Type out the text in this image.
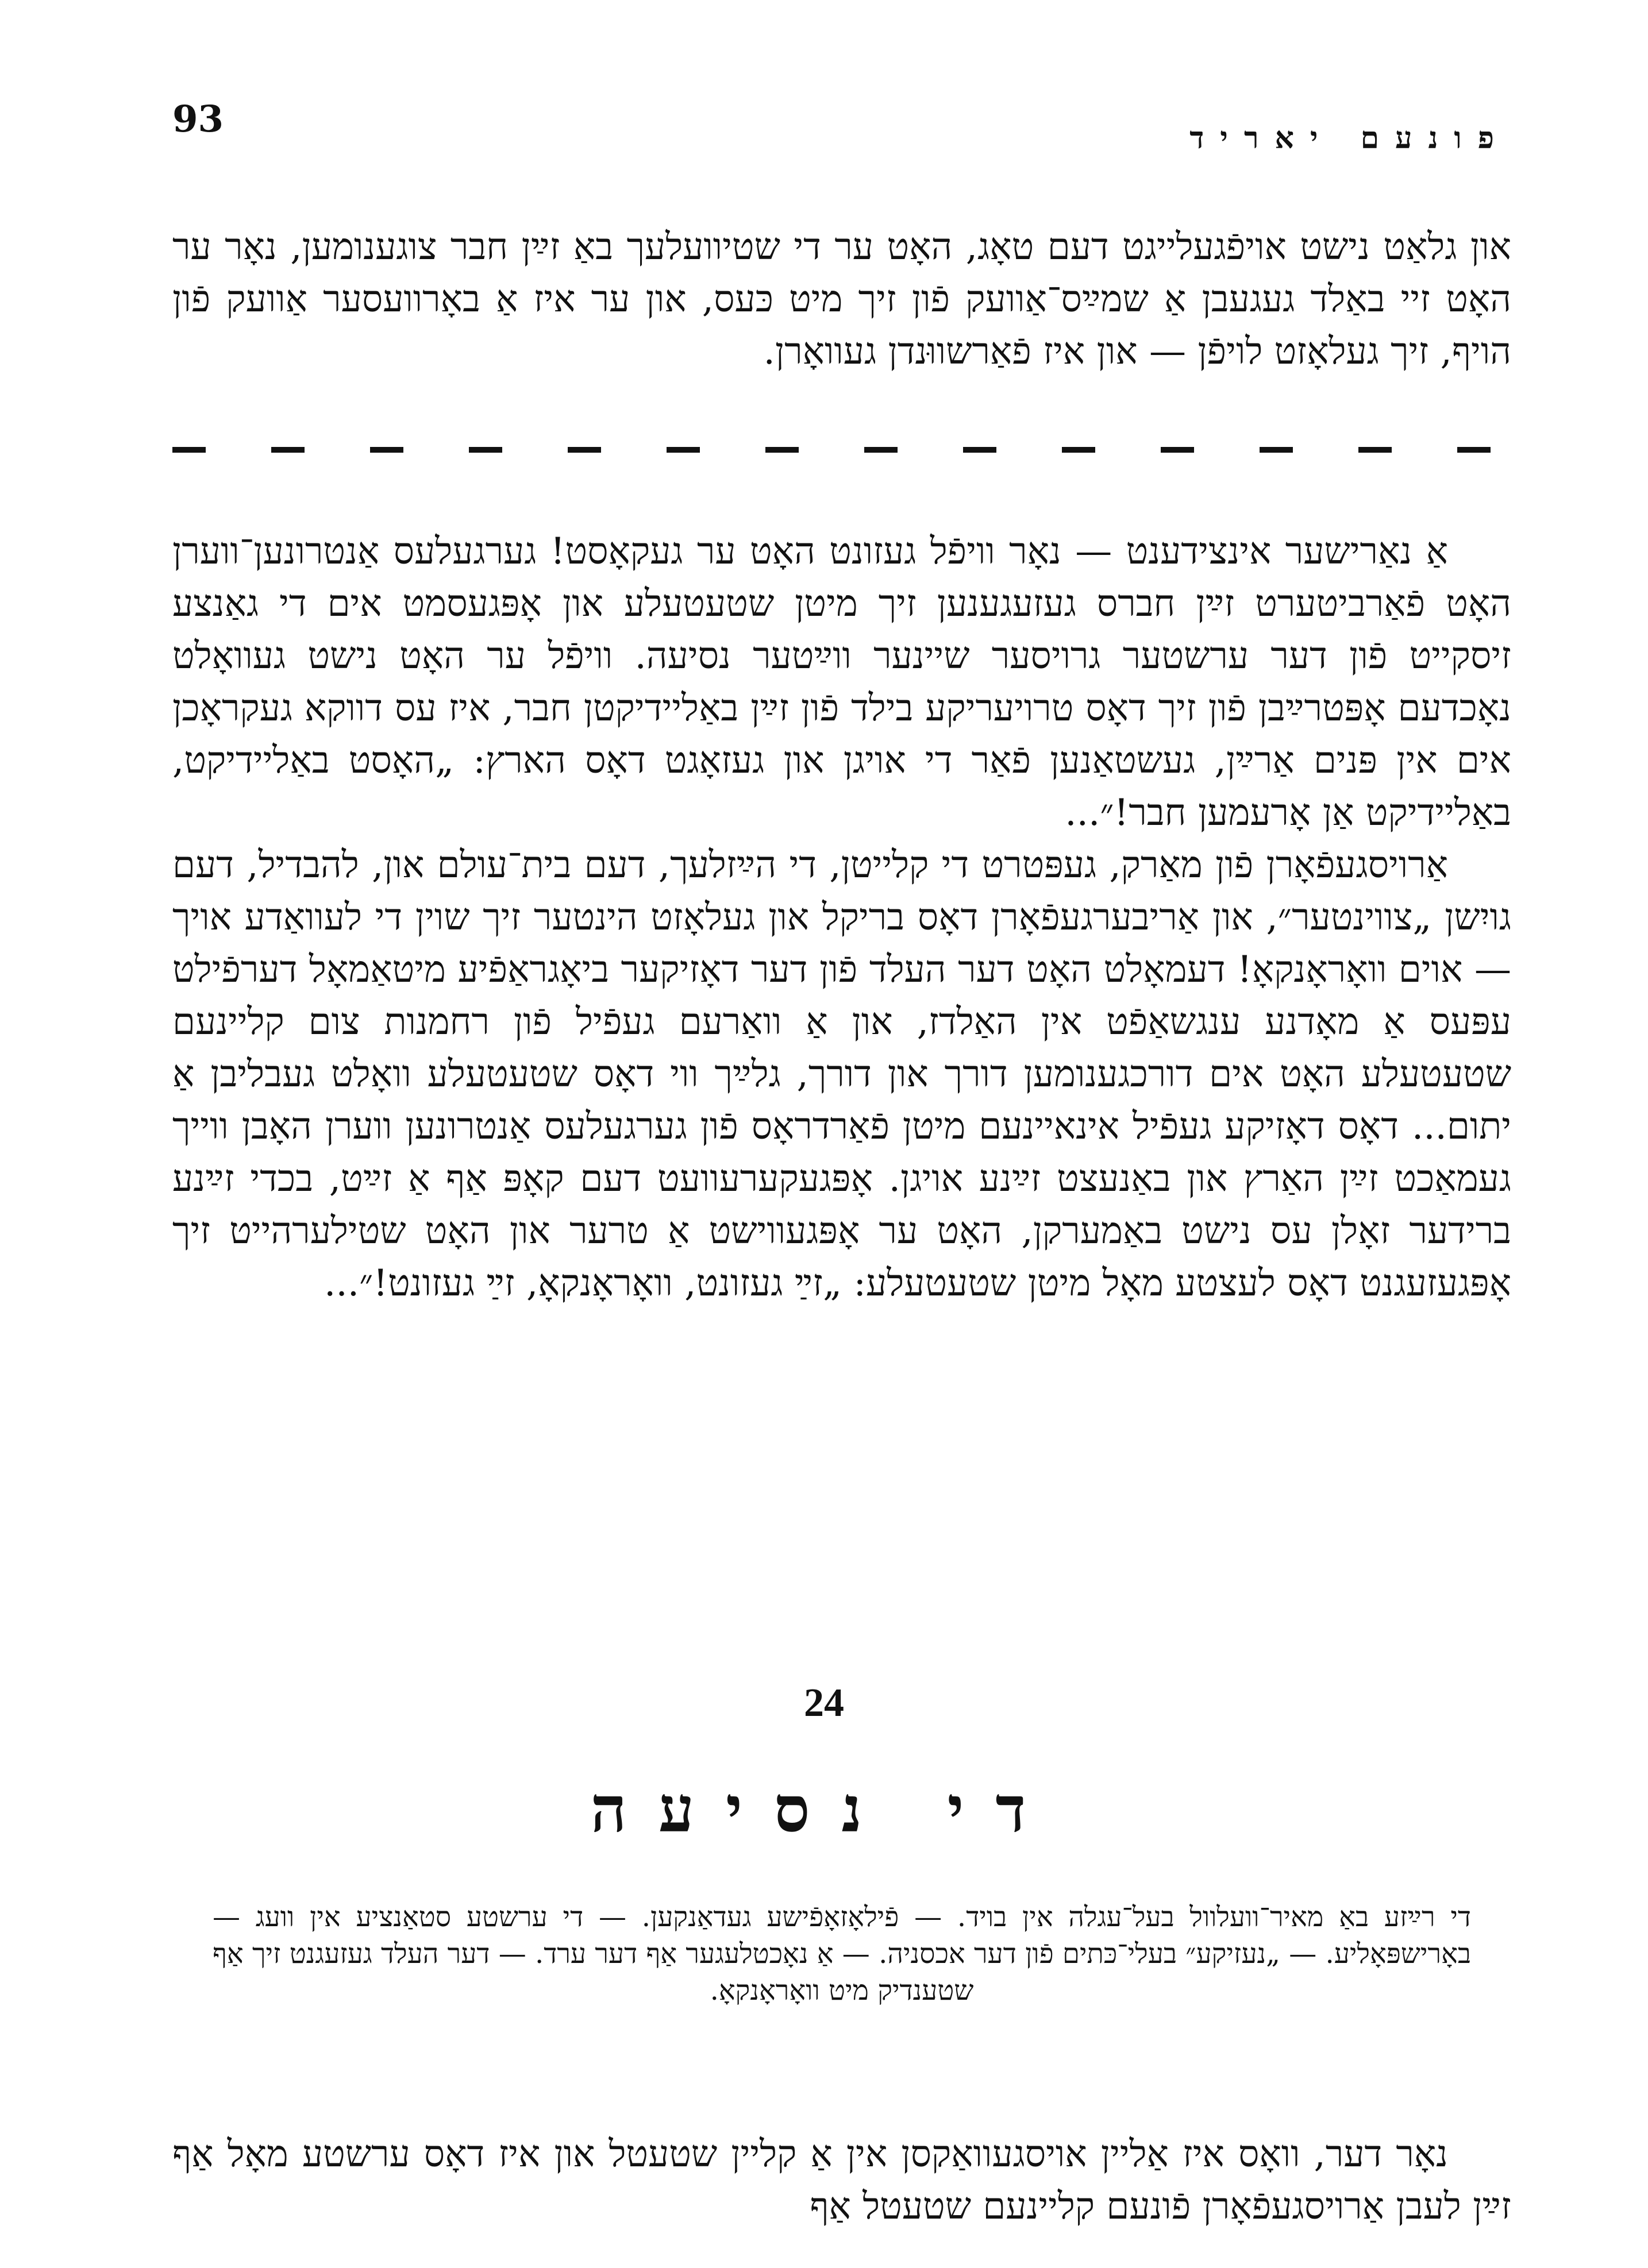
93	פונעם יאריד

און גלאַט נישט אויפֿגעלייגט דעם טאָג, האָט ער די שטיוועלעך באַ זײַן חבר צוגענומען, נאָר ער האָט זיי באַלד געגעבן אַ שמײַס־אַוועק פֿון זיך מיט כּעס, און ער איז אַ באָרוועסער אַוועק פֿון הויף, זיך געלאָזט לויפֿן — און איז פֿאַרשווּנדן געוואָרן.

אַ נאַרישער אינצידענט — נאָר וויפֿל געזונט האָט ער געקאָסט! גערגעלעס אַנטרונען־ווערן האָט פֿאַרביטערט זײַן חברס געזעגענען זיך מיטן שטעטעלע און אָפּגעסמט אים די גאַנצע זיסקייט פֿון דער ערשטער גרויסער שיינער ווײַטער נסיעה. וויפֿל ער האָט נישט געוואָלט נאָכדעם אָפּטרײַבן פֿון זיך דאָס טרויעריקע בילד פֿון זײַן באַליידיקטן חבר, איז עס דווקא געקראָכן אים אין פּנים אַרײַן, געשטאַנען פֿאַר די אויגן און געזאָגט דאָס הארץ: „האָסט באַליידיקט, באַליידיקט אַן אָרעמען חבר!״...

אַרויסגעפֿאָרן פֿון מאַרק, געפּטרט די קלייטן, די הײַזלעך, דעם בית־עולם און, להבדיל, דעם גויִשן „צווינטער״, און אַריבערגעפֿאָרן דאָס בריקל און געלאָזט הינטער זיך שוין די לעוואַדע אויך — אוים וואָראָנקאָ! דעמאָלט האָט דער העלד פֿון דער דאָזיקער ביאָגראַפֿיע מיטאַמאָל דערפֿילט עפּעס אַ מאָדנע ענגשאַפֿט אין האַלדז, און אַ וואַרעם געפֿיל פֿון רחמנות צום קליינעם שטעטעלע האָט אים דורכגענומען דורך און דורך, גלײַך ווי דאָס שטעטעלע וואָלט געבליבן אַ יתום... דאָס דאָזיקע געפֿיל אינאיינעם מיטן פֿאַרדראָס פֿון גערגעלעס אַנטרונען ווערן האָבן ווייך געמאַכט זײַן האַרץ און באַנעצט זײַנע אויגן. אָפּגעקערעוועט דעם קאָפּ אַף אַ זײַט, בכדי זײַנע ברידער זאָלן עס נישט באַמערקן, האָט ער אָפּגעווישט אַ טרער און האָט שטילערהייט זיך אָפּגעזעגנט דאָס לעצטע מאָל מיטן שטעטעלע: „זײַ געזונט, וואָראָנקאָ, זײַ געזונט!״...

24
די נסיעה

די רײַזע באַ מאיר־וועלוול בעל־עגלה אין בויד. — פֿילאָזאָפֿישע געדאַנקען. — די ערשטע סטאַנציע אין וועג — באָרישפּאָליע. — „נעזיקע״ בעלי־כּתים פֿון דער אכסניה. — אַ נאָכטלעגער אַף דער ערד. — דער העלד געזעגנט זיך אַף שטענדיק מיט וואָראָנקאָ.

נאָר דער, וואָס איז אַליין אויסגעוואַקסן אין אַ קליין שטעטל און איז דאָס ערשטע מאָל אַף זײַן לעבן אַרויסגעפֿאָרן פֿונעם קליינעם שטעטל אַף
